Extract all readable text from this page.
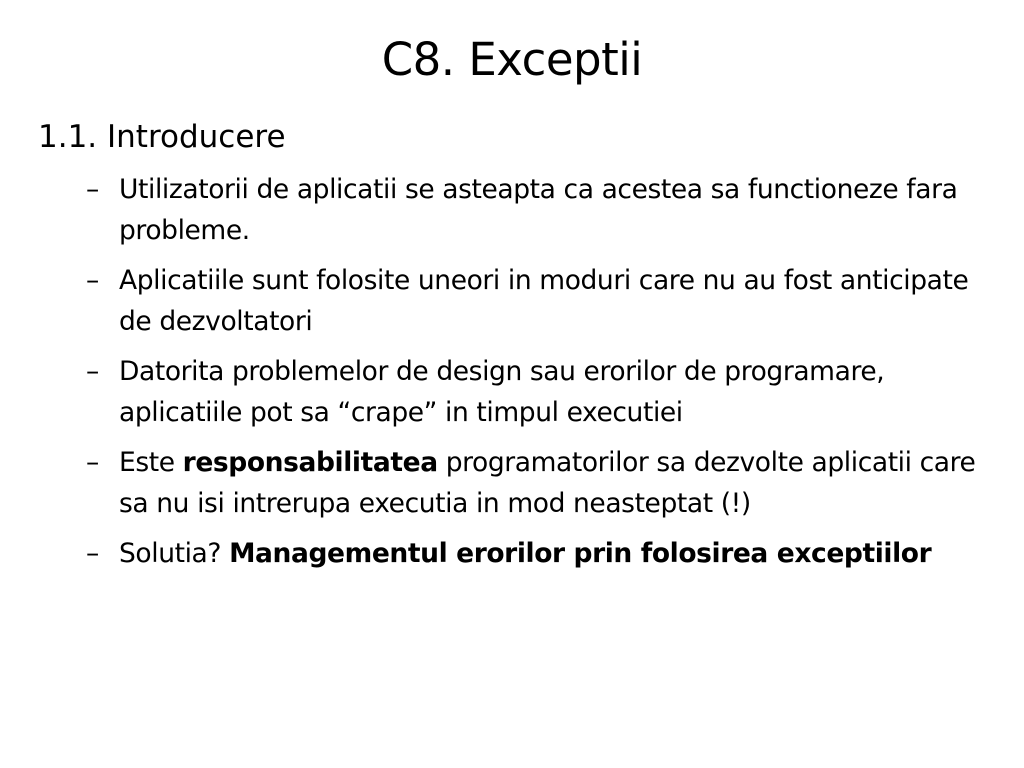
C8. Exceptii
1.1. Introducere
– Utilizatorii de aplicatii se asteapta ca acestea sa functioneze fara probleme.
– Aplicatiile sunt folosite uneori in moduri care nu au fost anticipate de dezvoltatori
– Datorita problemelor de design sau erorilor de programare, aplicatiile pot sa “crape” in timpul executiei
– Este responsabilitatea programatorilor sa dezvolte aplicatii care sa nu isi intrerupa executia in mod neasteptat (!)
– Solutia? Managementul erorilor prin folosirea exceptiilor
